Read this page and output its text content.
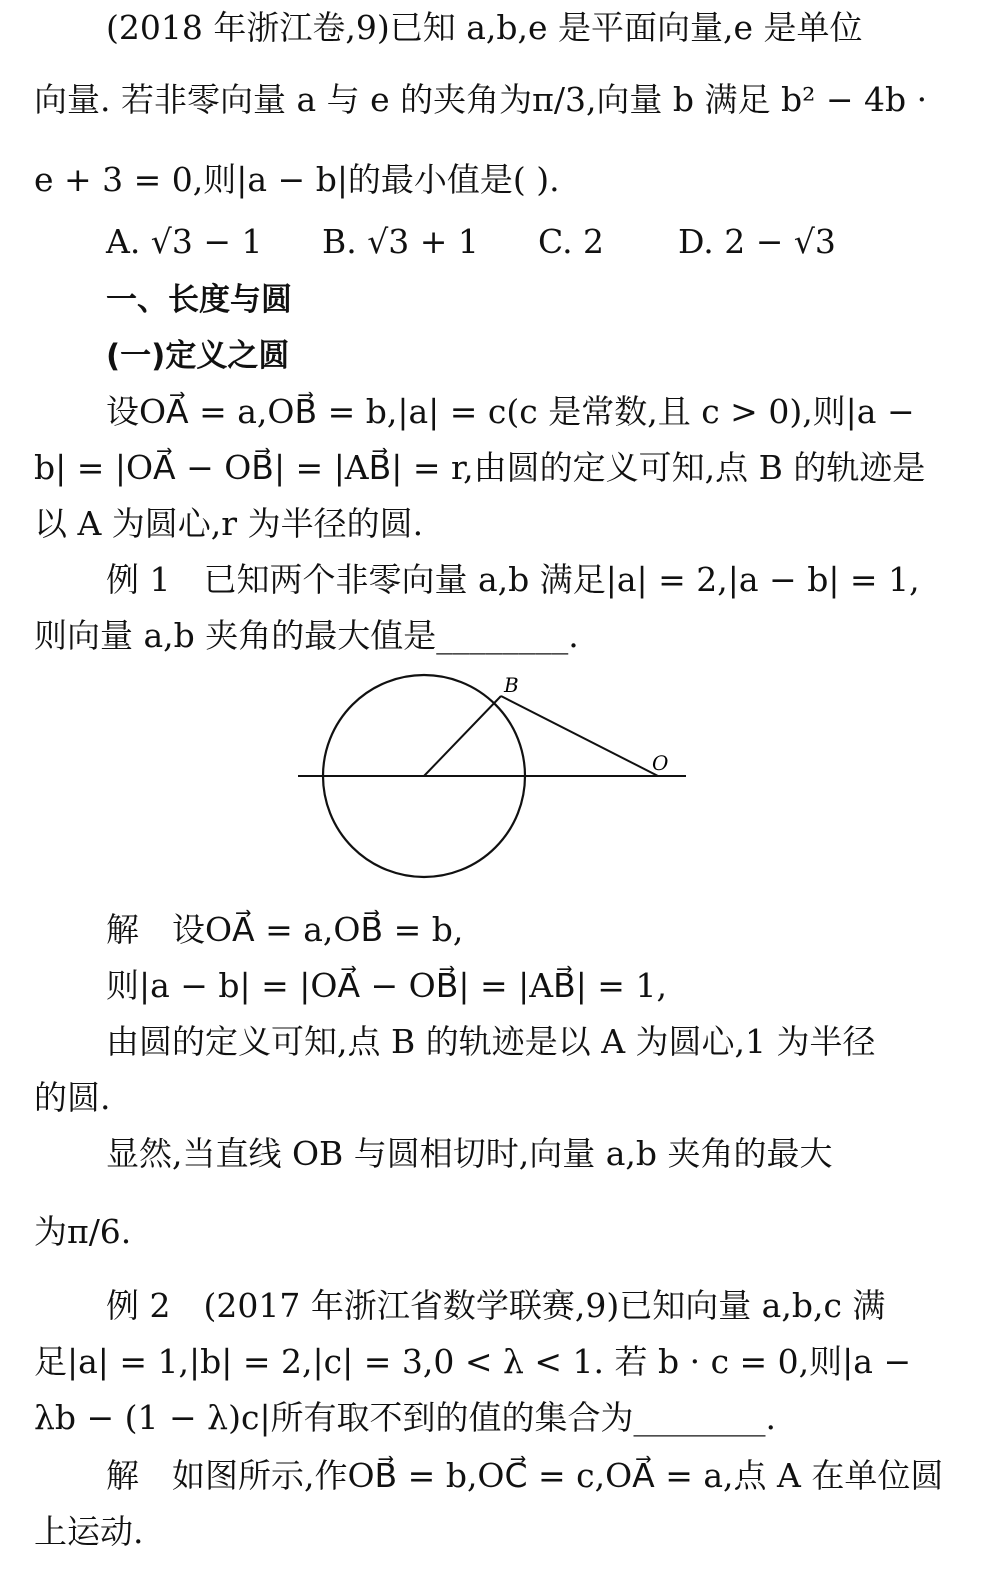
(2018 年浙江卷,9)已知 a,b,e 是平面向量,e 是单位
向量. 若非零向量 a 与 e 的夹角为π/3,向量 b 满足 b² − 4b ·
e + 3 = 0,则|a − b|的最小值是( ).
A. √3 − 1	B. √3 + 1	C. 2	D. 2 − √3
一、长度与圆
(一)定义之圆
设OA⃗ = a,OB⃗ = b,|a| = c(c 是常数,且 c > 0),则|a −
b| = |OA⃗ − OB⃗| = |AB⃗| = r,由圆的定义可知,点 B 的轨迹是
以 A 为圆心,r 为半径的圆.
例 1　已知两个非零向量 a,b 满足|a| = 2,|a − b| = 1,
则向量 a,b 夹角的最大值是________.
B
O
解　设OA⃗ = a,OB⃗ = b,
则|a − b| = |OA⃗ − OB⃗| = |AB⃗| = 1,
由圆的定义可知,点 B 的轨迹是以 A 为圆心,1 为半径
的圆.
显然,当直线 OB 与圆相切时,向量 a,b 夹角的最大
为π/6.
例 2　(2017 年浙江省数学联赛,9)已知向量 a,b,c 满
足|a| = 1,|b| = 2,|c| = 3,0 < λ < 1. 若 b · c = 0,则|a −
λb − (1 − λ)c|所有取不到的值的集合为________.
解　如图所示,作OB⃗ = b,OC⃗ = c,OA⃗ = a,点 A 在单位圆
上运动.
